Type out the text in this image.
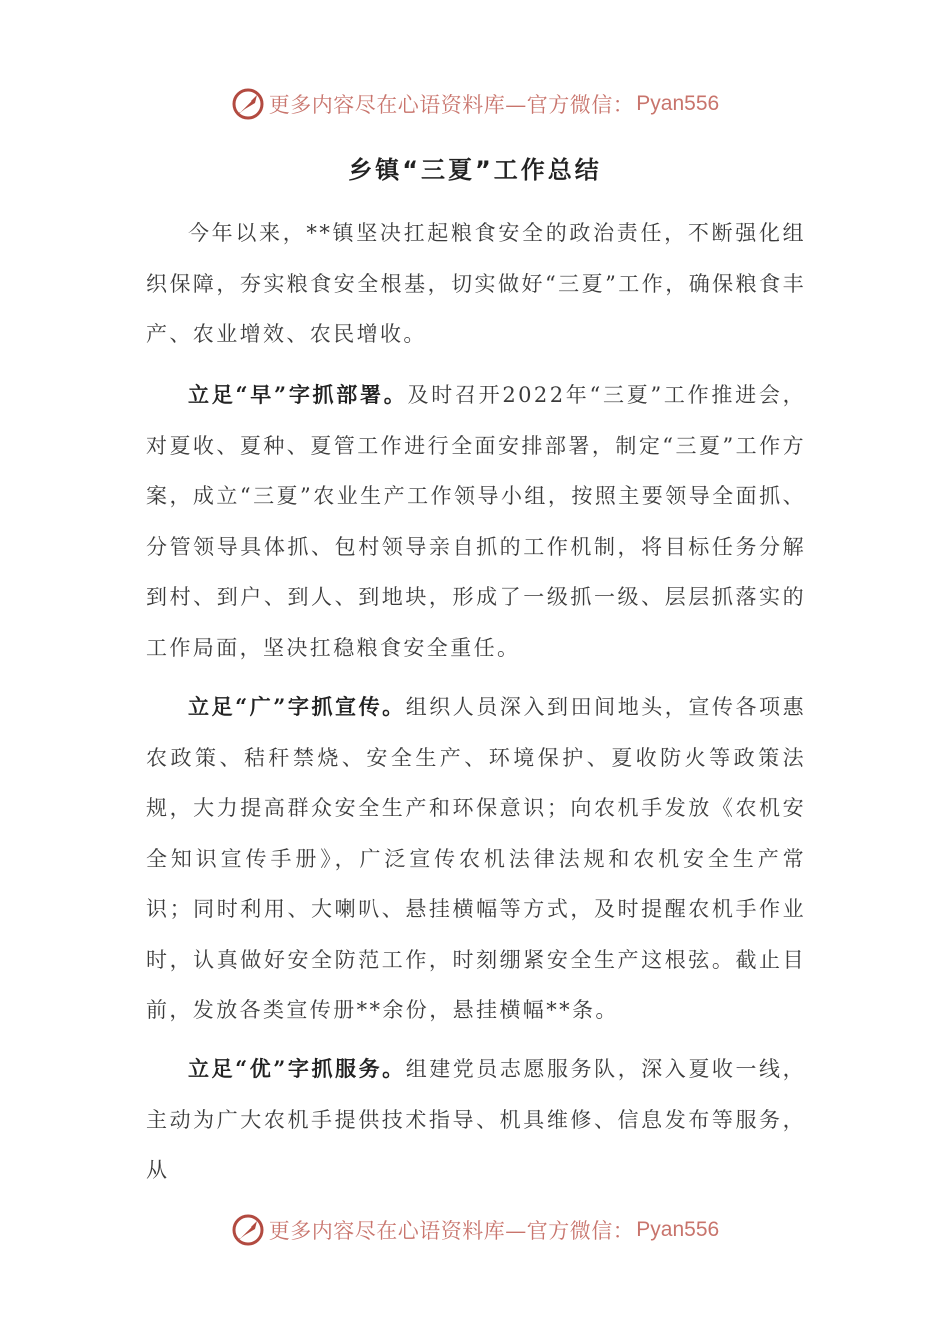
更多内容尽在心语资料库—官方微信： Pyan556
乡镇“三夏”工作总结

今年以来，**镇坚决扛起粮食安全的政治责任，不断强化组织保障，夯实粮食安全根基，切实做好“三夏”工作，确保粮食丰产、农业增效、农民增收。

立足“早”字抓部署。及时召开2022年“三夏”工作推进会，对夏收、夏种、夏管工作进行全面安排部署，制定“三夏”工作方案，成立“三夏”农业生产工作领导小组，按照主要领导全面抓、分管领导具体抓、包村领导亲自抓的工作机制，将目标任务分解到村、到户、到人、到地块，形成了一级抓一级、层层抓落实的工作局面，坚决扛稳粮食安全重任。

立足“广”字抓宣传。组织人员深入到田间地头，宣传各项惠农政策、秸秆禁烧、安全生产、环境保护、夏收防火等政策法规，大力提高群众安全生产和环保意识；向农机手发放《农机安全知识宣传手册》，广泛宣传农机法律法规和农机安全生产常识；同时利用、大喇叭、悬挂横幅等方式，及时提醒农机手作业时，认真做好安全防范工作，时刻绷紧安全生产这根弦。截止目前，发放各类宣传册**余份，悬挂横幅**条。

立足“优”字抓服务。组建党员志愿服务队，深入夏收一线，主动为广大农机手提供技术指导、机具维修、信息发布等服务，从

更多内容尽在心语资料库—官方微信： Pyan556
